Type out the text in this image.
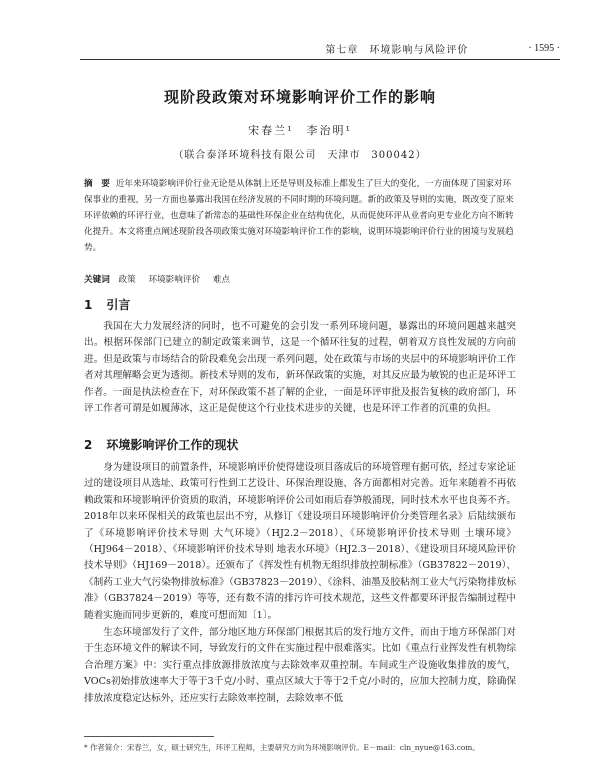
第七章　环境影响与风险评价	· 1595 ·
现阶段政策对环境影响评价工作的影响
宋春兰¹　李治明¹
（联合泰泽环境科技有限公司　天津市　300042）
摘　要 近年来环境影响评价行业无论是从体制上还是导则及标准上都发生了巨大的变化，一方面体现了国家对环保事业的重视，另一方面也暴露出我国在经济发展的不同时期的环境问题。新的政策及导则的实施，既改变了原来环评依赖的环评行业，也意味了新常态的基础性环保企业在结构优化，从而促使环评从业者向更专业化方向不断转化提升。本文将重点阐述现阶段各项政策实施对环境影响评价工作的影响，说明环境影响评价行业的困境与发展趋势。
关键词 政策 环境影响评价 难点
1 引言
我国在大力发展经济的同时，也不可避免的会引发一系列环境问题，暴露出的环境问题越来越突出。根据环保部门已建立的制定政策来调节，这是一个循环往复的过程，朝着双方良性发展的方向前进。但是政策与市场结合的阶段难免会出现一系列问题，处在政策与市场的夹层中的环境影响评价工作者对其理解略会更为透彻。新技术导则的发布，新环保政策的实施，对其反应最为敏锐的也正是环评工作者。一面是执法检查在下，对环保政策不甚了解的企业，一面是环评审批及报告复核的政府部门，环评工作者可谓是如履薄冰，这正是促使这个行业技术进步的关键，也是环评工作者的沉重的负担。
2 环境影响评价工作的现状
身为建设项目的前置条件，环境影响评价使得建设项目落成后的环境管理有据可依，经过专家论证过的建设项目从选址、政策可行性到工艺设计、环保治理设施、各方面都相对完善。近年来随着不再依赖政策和环境影响评价资质的取消，环境影响评价公司如雨后春笋般涌现，同时技术水平也良莠不齐。2018年以来环保相关的政策也层出不穷，从修订《建设项目环境影响评价分类管理名录》后陆续颁布了《环境影响评价技术导则 大气环境》（HJ2.2－2018）、《环境影响评价技术导则 土壤环境》（HJ964－2018）、《环境影响评价技术导则 地表水环境》（HJ2.3－2018）、《建设项目环境风险评价技术导则》（HJ169－2018）。还颁布了《挥发性有机物无组织排放控制标准》（GB37822－2019）、《制药工业大气污染物排放标准》（GB37823－2019）、《涂料、油墨及胶粘剂工业大气污染物排放标准》（GB37824－2019）等等，还有数不清的排污许可技术规范，这些文件都要环评报告编制过程中随着实施而同步更新的，难度可想而知〔1〕。
生态环境部发行了文件，部分地区地方环保部门根据其后的发行地方文件，而由于地方环保部门对于生态环境文件的解读不同，导致发行的文件在实施过程中很难落实。比如《重点行业挥发性有机物综合治理方案》中：实行重点排放源排放浓度与去除效率双重控制。车间或生产设施收集排放的废气，VOCs初始排放速率大于等于3千克/小时、重点区域大于等于2千克/小时的，应加大控制力度，除确保排放浓度稳定达标外，还应实行去除效率控制，去除效率不低
* 作者简介：宋春兰，女，硕士研究生，环评工程师，主要研究方向为环境影响评价。E－mail：cln_nyue@163.com。
